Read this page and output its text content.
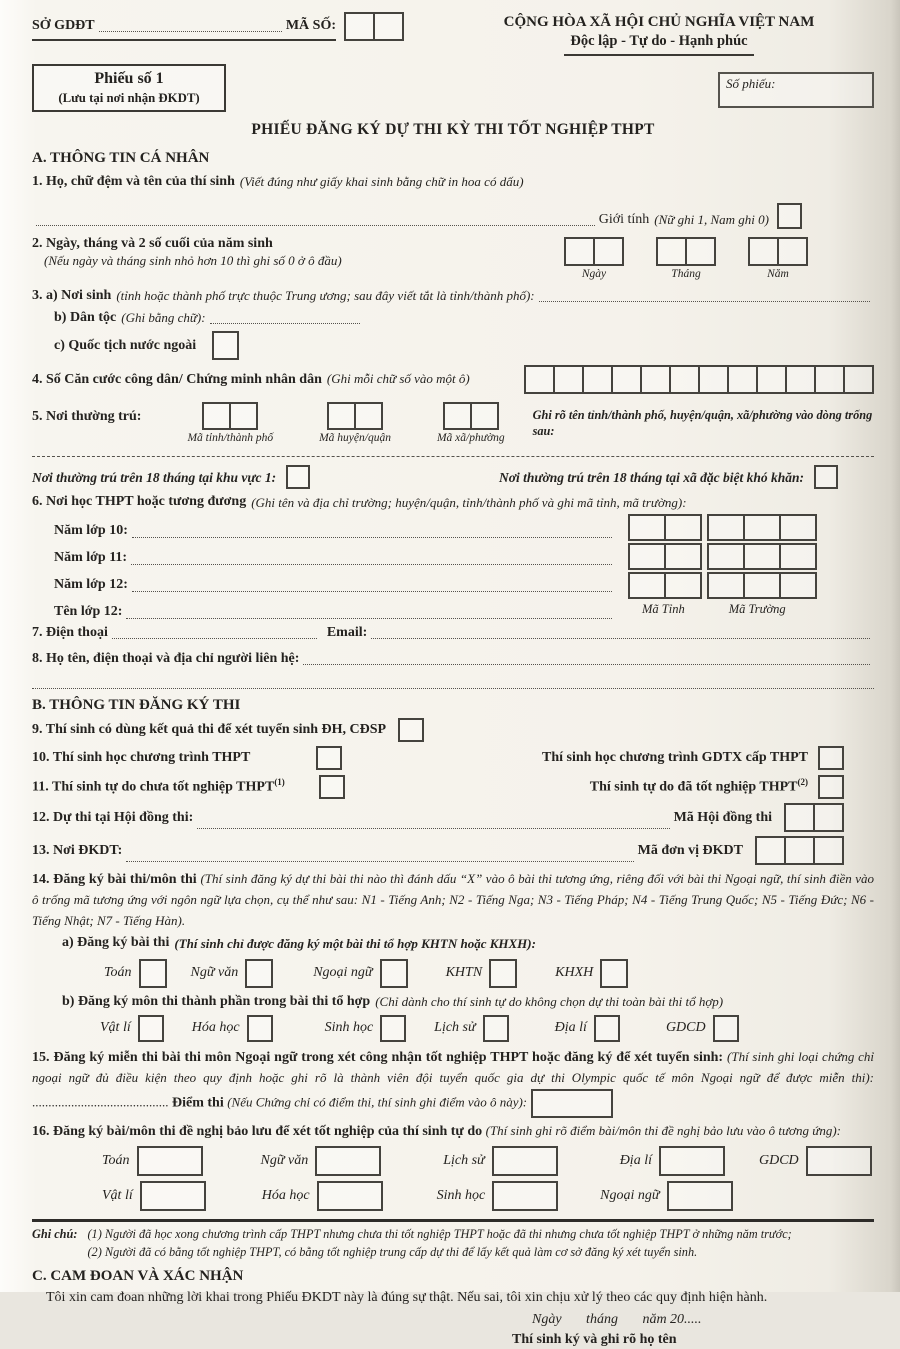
SỞ GDĐT	MÃ SỐ:	CỘNG HÒA XÃ HỘI CHỦ NGHĨA VIỆT NAM
Độc lập - Tự do - Hạnh phúc
Phiếu số 1
(Lưu tại nơi nhận ĐKDT)
Số phiếu:
PHIẾU ĐĂNG KÝ DỰ THI KỲ THI TỐT NGHIỆP THPT
A. THÔNG TIN CÁ NHÂN
1. Họ, chữ đệm và tên của thí sinh (Viết đúng như giấy khai sinh bằng chữ in hoa có dấu)
Giới tính (Nữ ghi 1, Nam ghi 0)
2. Ngày, tháng và 2 số cuối của năm sinh
(Nếu ngày và tháng sinh nhỏ hơn 10 thì ghi số 0 ở ô đầu)
Ngày	Tháng	Năm
3. a) Nơi sinh (tỉnh hoặc thành phố trực thuộc Trung ương; sau đây viết tắt là tỉnh/thành phố):
b) Dân tộc (Ghi bằng chữ):
c) Quốc tịch nước ngoài
4. Số Căn cước công dân/ Chứng minh nhân dân (Ghi mỗi chữ số vào một ô)
5. Nơi thường trú:
Mã tỉnh/thành phố	Mã huyện/quận	Mã xã/phường
Ghi rõ tên tỉnh/thành phố, huyện/quận, xã/phường vào dòng trống sau:
Nơi thường trú trên 18 tháng tại khu vực 1:	Nơi thường trú trên 18 tháng tại xã đặc biệt khó khăn:
6. Nơi học THPT hoặc tương đương (Ghi tên và địa chỉ trường; huyện/quận, tỉnh/thành phố và ghi mã tỉnh, mã trường):
Năm lớp 10:
Năm lớp 11:
Năm lớp 12:
Tên lớp 12:	Mã Tỉnh	Mã Trường
7. Điện thoại	Email:
8. Họ tên, điện thoại và địa chỉ người liên hệ:
B. THÔNG TIN ĐĂNG KÝ THI
9. Thí sinh có dùng kết quả thi để xét tuyển sinh ĐH, CĐSP
10. Thí sinh học chương trình THPT	Thí sinh học chương trình GDTX cấp THPT
11. Thí sinh tự do chưa tốt nghiệp THPT$^{(1)}$	Thí sinh tự do đã tốt nghiệp THPT$^{(2)}$
12. Dự thi tại Hội đồng thi:	Mã Hội đồng thi
13. Nơi ĐKDT:	Mã đơn vị ĐKDT
14. Đăng ký bài thi/môn thi (Thí sinh đăng ký dự thi bài thi nào thì đánh dấu “X” vào ô bài thi tương ứng, riêng đối với bài thi Ngoại ngữ, thí sinh điền vào ô trống mã tương ứng với ngôn ngữ lựa chọn, cụ thể như sau: N1 - Tiếng Anh; N2 - Tiếng Nga; N3 - Tiếng Pháp; N4 - Tiếng Trung Quốc; N5 - Tiếng Đức; N6 - Tiếng Nhật; N7 - Tiếng Hàn).
a) Đăng ký bài thi (Thí sinh chỉ được đăng ký một bài thi tổ hợp KHTN hoặc KHXH):
Toán	Ngữ văn	Ngoại ngữ	KHTN	KHXH
b) Đăng ký môn thi thành phần trong bài thi tổ hợp (Chỉ dành cho thí sinh tự do không chọn dự thi toàn bài thi tổ hợp)
Vật lí	Hóa học	Sinh học	Lịch sử	Địa lí	GDCD
15. Đăng ký miễn thi bài thi môn Ngoại ngữ trong xét công nhận tốt nghiệp THPT hoặc đăng ký để xét tuyển sinh: (Thí sinh ghi loại chứng chỉ ngoại ngữ đủ điều kiện theo quy định hoặc ghi rõ là thành viên đội tuyển quốc gia dự thi Olympic quốc tế môn Ngoại ngữ để được miễn thi): .......................................... Điểm thi (Nếu Chứng chỉ có điểm thi, thí sinh ghi điểm vào ô này):
16. Đăng ký bài/môn thi đề nghị bảo lưu để xét tốt nghiệp của thí sinh tự do (Thí sinh ghi rõ điểm bài/môn thi đề nghị bảo lưu vào ô tương ứng):
Toán	Ngữ văn	Lịch sử	Địa lí	GDCD
Vật lí	Hóa học	Sinh học	Ngoại ngữ
Ghi chú: (1) Người đã học xong chương trình cấp THPT nhưng chưa thi tốt nghiệp THPT hoặc đã thi nhưng chưa tốt nghiệp THPT ở những năm trước;
(2) Người đã có bằng tốt nghiệp THPT, có bằng tốt nghiệp trung cấp dự thi để lấy kết quả làm cơ sở đăng ký xét tuyển sinh.
C. CAM ĐOAN VÀ XÁC NHẬN
Tôi xin cam đoan những lời khai trong Phiếu ĐKDT này là đúng sự thật. Nếu sai, tôi xin chịu xử lý theo các quy định hiện hành.
Ngày       tháng       năm 20.....
Thí sinh ký và ghi rõ họ tên
